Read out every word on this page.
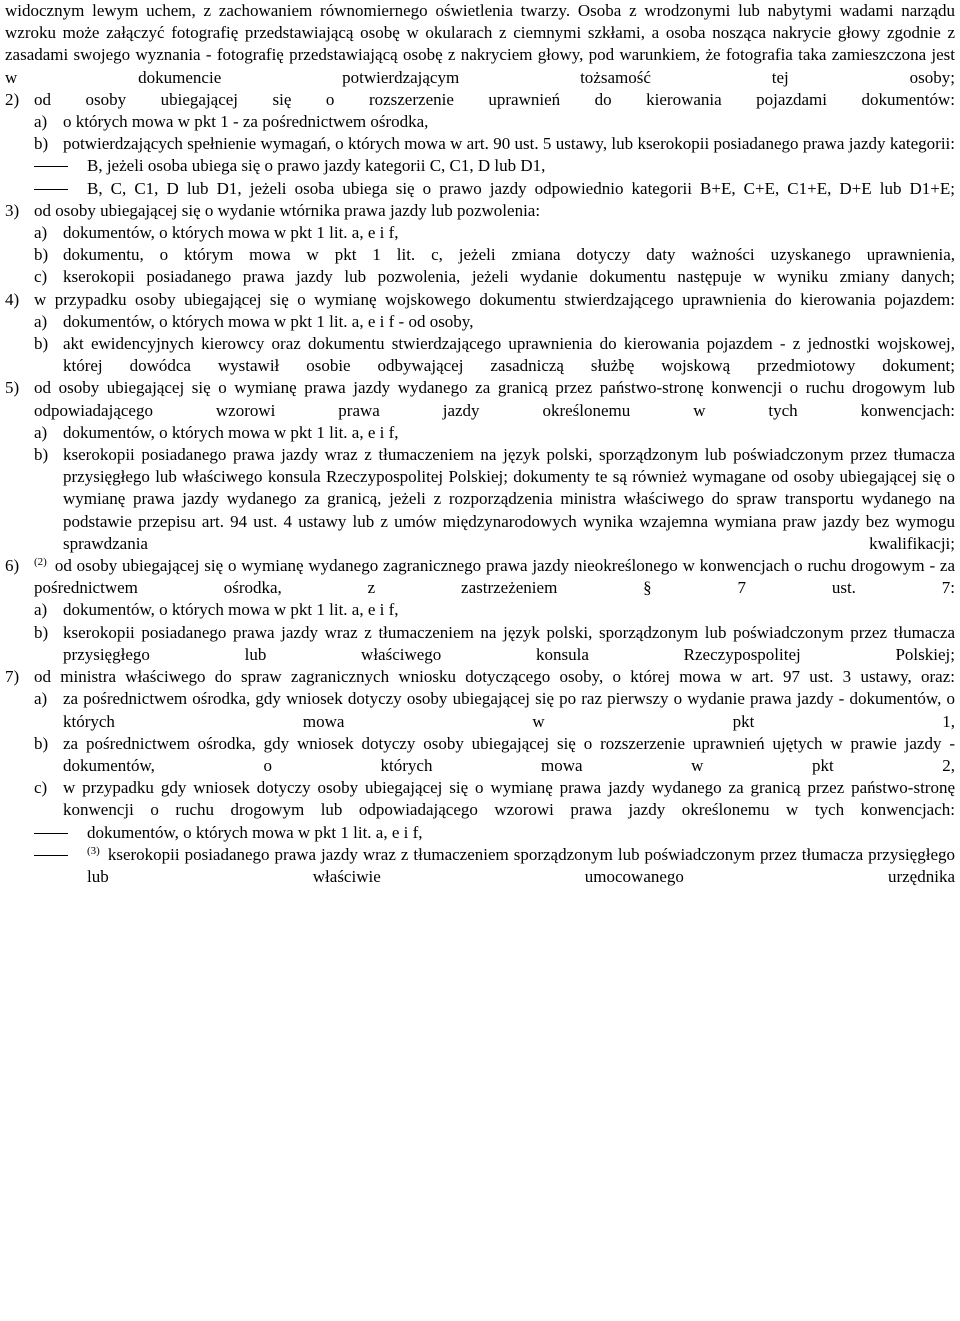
widocznym lewym uchem, z zachowaniem równomiernego oświetlenia twarzy. Osoba z wrodzonymi lub nabytymi wadami narządu wzroku może załączyć fotografię przedstawiającą osobę w okularach z ciemnymi szkłami, a osoba nosząca nakrycie głowy zgodnie z zasadami swojego wyznania - fotografię przedstawiającą osobę z nakryciem głowy, pod warunkiem, że fotografia taka zamieszczona jest w dokumencie potwierdzającym tożsamość tej osoby;
2) od osoby ubiegającej się o rozszerzenie uprawnień do kierowania pojazdami dokumentów:
a) o których mowa w pkt 1 - za pośrednictwem ośrodka,
b) potwierdzających spełnienie wymagań, o których mowa w art. 90 ust. 5 ustawy, lub kserokopii posiadanego prawa jazdy kategorii:
B, jeżeli osoba ubiega się o prawo jazdy kategorii C, C1, D lub D1,
B, C, C1, D lub D1, jeżeli osoba ubiega się o prawo jazdy odpowiednio kategorii B+E, C+E, C1+E, D+E lub D1+E;
3) od osoby ubiegającej się o wydanie wtórnika prawa jazdy lub pozwolenia:
a) dokumentów, o których mowa w pkt 1 lit. a, e i f,
b) dokumentu, o którym mowa w pkt 1 lit. c, jeżeli zmiana dotyczy daty ważności uzyskanego uprawnienia,
c) kserokopii posiadanego prawa jazdy lub pozwolenia, jeżeli wydanie dokumentu następuje w wyniku zmiany danych;
4) w przypadku osoby ubiegającej się o wymianę wojskowego dokumentu stwierdzającego uprawnienia do kierowania pojazdem:
a) dokumentów, o których mowa w pkt 1 lit. a, e i f - od osoby,
b) akt ewidencyjnych kierowcy oraz dokumentu stwierdzającego uprawnienia do kierowania pojazdem - z jednostki wojskowej, której dowódca wystawił osobie odbywającej zasadniczą służbę wojskową przedmiotowy dokument;
5) od osoby ubiegającej się o wymianę prawa jazdy wydanego za granicą przez państwo-stronę konwencji o ruchu drogowym lub odpowiadającego wzorowi prawa jazdy określonemu w tych konwencjach:
a) dokumentów, o których mowa w pkt 1 lit. a, e i f,
b) kserokopii posiadanego prawa jazdy wraz z tłumaczeniem na język polski, sporządzonym lub poświadczonym przez tłumacza przysięgłego lub właściwego konsula Rzeczypospolitej Polskiej; dokumenty te są również wymagane od osoby ubiegającej się o wymianę prawa jazdy wydanego za granicą, jeżeli z rozporządzenia ministra właściwego do spraw transportu wydanego na podstawie przepisu art. 94 ust. 4 ustawy lub z umów międzynarodowych wynika wzajemna wymiana praw jazdy bez wymogu sprawdzania kwalifikacji;
6) $^{(2)}$ od osoby ubiegającej się o wymianę wydanego zagranicznego prawa jazdy nieokreślonego w konwencjach o ruchu drogowym - za pośrednictwem ośrodka, z zastrzeżeniem § 7 ust. 7:
a) dokumentów, o których mowa w pkt 1 lit. a, e i f,
b) kserokopii posiadanego prawa jazdy wraz z tłumaczeniem na język polski, sporządzonym lub poświadczonym przez tłumacza przysięgłego lub właściwego konsula Rzeczypospolitej Polskiej;
7) od ministra właściwego do spraw zagranicznych wniosku dotyczącego osoby, o której mowa w art. 97 ust. 3 ustawy, oraz:
a) za pośrednictwem ośrodka, gdy wniosek dotyczy osoby ubiegającej się po raz pierwszy o wydanie prawa jazdy - dokumentów, o których mowa w pkt 1,
b) za pośrednictwem ośrodka, gdy wniosek dotyczy osoby ubiegającej się o rozszerzenie uprawnień ujętych w prawie jazdy - dokumentów, o których mowa w pkt 2,
c) w przypadku gdy wniosek dotyczy osoby ubiegającej się o wymianę prawa jazdy wydanego za granicą przez państwo-stronę konwencji o ruchu drogowym lub odpowiadającego wzorowi prawa jazdy określonemu w tych konwencjach:
dokumentów, o których mowa w pkt 1 lit. a, e i f,
$^{(3)}$ kserokopii posiadanego prawa jazdy wraz z tłumaczeniem sporządzonym lub poświadczonym przez tłumacza przysięgłego lub właściwie umocowanego urzędnika
